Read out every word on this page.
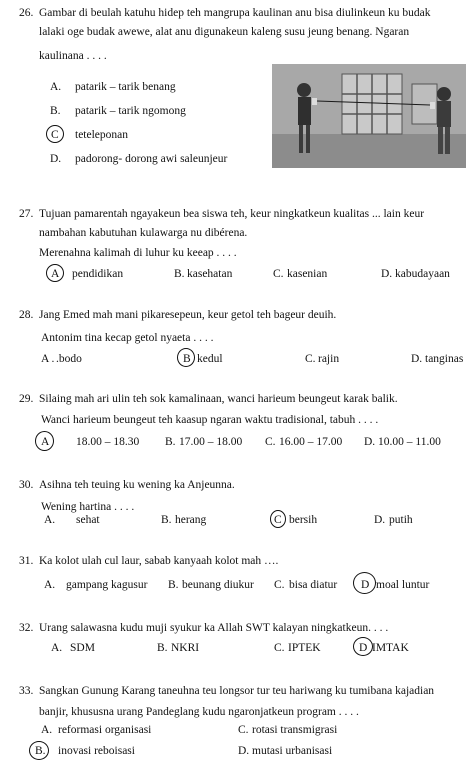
26. Gambar di beulah katuhu hidep teh mangrupa kaulinan anu bisa diulinkeun ku budak
lalaki oge budak awewe, alat anu digunakeun kaleng susu jeung benang. Ngaran
kaulinana . . . .
A. patarik – tarik benang
B. patarik – tarik ngomong
C teteleponan
D. padorong- dorong awi saleunjeur
27. Tujuan pamarentah ngayakeun bea siswa teh, keur ningkatkeun kualitas ... lain keur
nambahan kabutuhan kulawarga nu dibérena.
Merenahna kalimah di luhur ku keeap . . . .
A pendidikan	B. kasehatan	C. kasenian	D. kabudayaan
28. Jang Emed mah mani pikaresepeun, keur getol teh bageur deuih.
Antonim tina kecap getol nyaeta . . . .
A . .bodo	B kedul	C. rajin	D. tanginas
29. Silaing mah ari ulin teh sok kamalinaan, wanci harieum beungeut karak balik.
Wanci harieum beungeut teh kaasup ngaran waktu tradisional, tabuh . . . .
A 18.00 – 18.30 B. 17.00 – 18.00 C. 16.00 – 17.00 D. 10.00 – 11.00
30. Asihna teh teuing ku wening ka Anjeunna.
Wening hartina . . . .
A. sehat	B. herang	C bersih	D. putih
31. Ka kolot ulah cul laur, sabab kanyaah kolot mah ….
A. gampang kagusur B. beunang diukur C. bisa diatur D moal luntur
32. Urang salawasna kudu muji syukur ka Allah SWT kalayan ningkatkeun. . . .
A. SDM	B. NKRI	C. IPTEK	D IMTAK
33. Sangkan Gunung Karang taneuhna teu longsor tur teu hariwang ku tumibana kajadian
banjir, khususna urang Pandeglang kudu ngaronjatkeun program . . . .
A. reformasi organisasi	C. rotasi transmigrasi
B. inovasi reboisasi	D. mutasi urbanisasi
